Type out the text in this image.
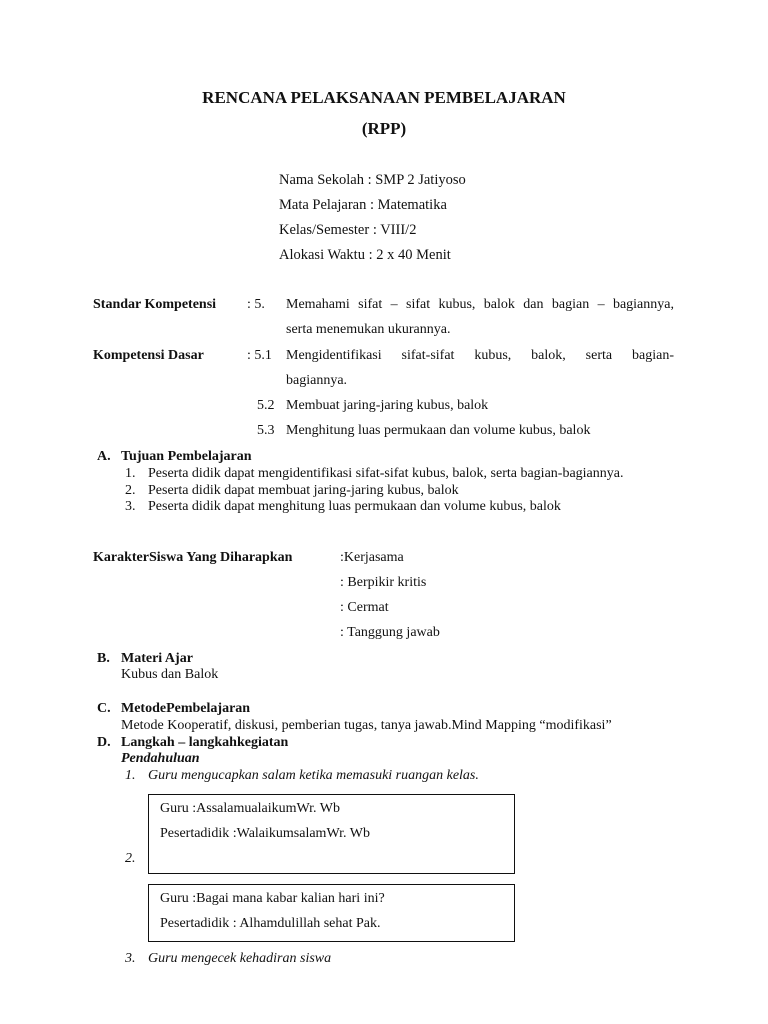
RENCANA PELAKSANAAN PEMBELAJARAN
(RPP)
Nama Sekolah : SMP 2 Jatiyoso
Mata Pelajaran : Matematika
Kelas/Semester : VIII/2
Alokasi Waktu : 2 x 40 Menit
Standar Kompetensi : 5. Memahami sifat – sifat kubus, balok dan bagian – bagiannya,
serta menemukan ukurannya.
Kompetensi Dasar	: 5.1 Mengidentifikasi sifat-sifat kubus, balok, serta bagian-
bagiannya.
5.2 Membuat jaring-jaring kubus, balok
5.3 Menghitung luas permukaan dan volume kubus, balok
A. Tujuan Pembelajaran
1. Peserta didik dapat mengidentifikasi sifat-sifat kubus, balok, serta bagian-bagiannya.
2. Peserta didik dapat membuat jaring-jaring kubus, balok
3. Peserta didik dapat menghitung luas permukaan dan volume kubus, balok
KarakterSiswa Yang Diharapkan	:Kerjasama
: Berpikir kritis
: Cermat
: Tanggung jawab
B. Materi Ajar
Kubus dan Balok
C. MetodePembelajaran
Metode Kooperatif, diskusi, pemberian tugas, tanya jawab.Mind Mapping “modifikasi”
D. Langkah – langkahkegiatan
Pendahuluan
1. Guru mengucapkan salam ketika memasuki ruangan kelas.
Guru :AssalamualaikumWr. Wb
Pesertadidik :WalaikumsalamWr. Wb
2.
Guru :Bagai mana kabar kalian hari ini?
Pesertadidik : Alhamdulillah sehat Pak.
3. Guru mengecek kehadiran siswa
